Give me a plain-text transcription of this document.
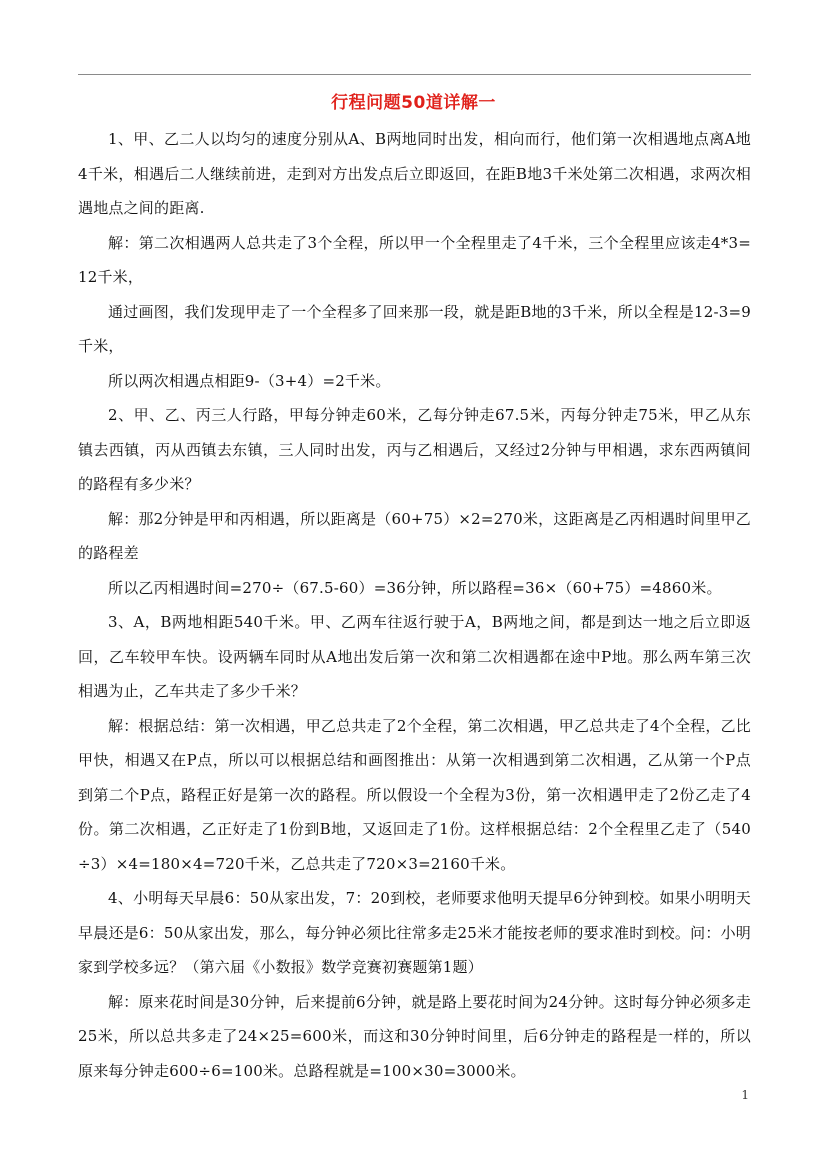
行程问题50道详解一

1、甲、乙二人以均匀的速度分别从A、B两地同时出发，相向而行，他们第一次相遇地点离A地4千米，相遇后二人继续前进，走到对方出发点后立即返回，在距B地3千米处第二次相遇，求两次相遇地点之间的距离.

解：第二次相遇两人总共走了3个全程，所以甲一个全程里走了4千米，三个全程里应该走4*3=12千米，

通过画图，我们发现甲走了一个全程多了回来那一段，就是距B地的3千米，所以全程是12-3=9千米，

所以两次相遇点相距9-（3+4）=2千米。

2、甲、乙、丙三人行路，甲每分钟走60米，乙每分钟走67.5米，丙每分钟走75米，甲乙从东镇去西镇，丙从西镇去东镇，三人同时出发，丙与乙相遇后，又经过2分钟与甲相遇，求东西两镇间的路程有多少米？

解：那2分钟是甲和丙相遇，所以距离是（60+75）×2=270米，这距离是乙丙相遇时间里甲乙的路程差

所以乙丙相遇时间=270÷（67.5-60）=36分钟，所以路程=36×（60+75）=4860米。

3、A，B两地相距540千米。甲、乙两车往返行驶于A，B两地之间，都是到达一地之后立即返回，乙车较甲车快。设两辆车同时从A地出发后第一次和第二次相遇都在途中P地。那么两车第三次相遇为止，乙车共走了多少千米？

解：根据总结：第一次相遇，甲乙总共走了2个全程，第二次相遇，甲乙总共走了4个全程，乙比甲快，相遇又在P点，所以可以根据总结和画图推出：从第一次相遇到第二次相遇，乙从第一个P点到第二个P点，路程正好是第一次的路程。所以假设一个全程为3份，第一次相遇甲走了2份乙走了4份。第二次相遇，乙正好走了1份到B地，又返回走了1份。这样根据总结：2个全程里乙走了（540÷3）×4=180×4=720千米，乙总共走了720×3=2160千米。

4、小明每天早晨6：50从家出发，7：20到校，老师要求他明天提早6分钟到校。如果小明明天早晨还是6：50从家出发，那么，每分钟必须比往常多走25米才能按老师的要求准时到校。问：小明家到学校多远？（第六届《小数报》数学竞赛初赛题第1题）

解：原来花时间是30分钟，后来提前6分钟，就是路上要花时间为24分钟。这时每分钟必须多走25米，所以总共多走了24×25=600米，而这和30分钟时间里，后6分钟走的路程是一样的，所以原来每分钟走600÷6=100米。总路程就是=100×30=3000米。

1
